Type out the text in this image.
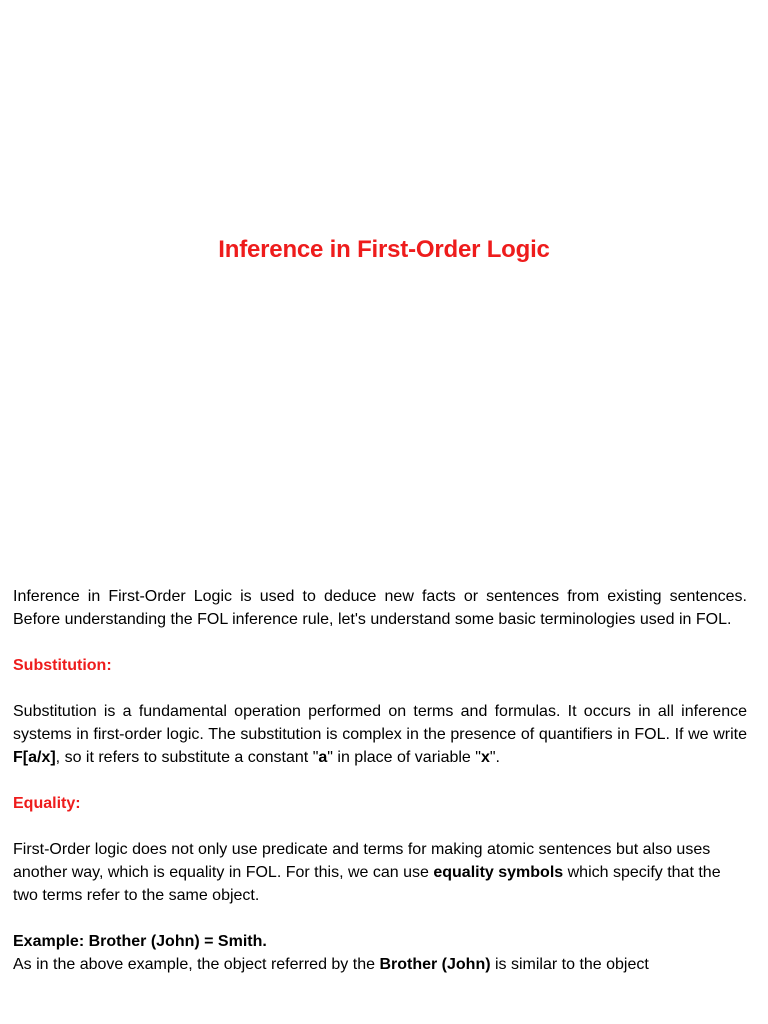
Inference in First-Order Logic

Inference in First-Order Logic is used to deduce new facts or sentences from existing sentences. Before understanding the FOL inference rule, let's understand some basic terminologies used in FOL.

Substitution:

Substitution is a fundamental operation performed on terms and formulas. It occurs in all inference systems in first-order logic. The substitution is complex in the presence of quantifiers in FOL. If we write F[a/x], so it refers to substitute a constant "a" in place of variable "x".

Equality:

First-Order logic does not only use predicate and terms for making atomic sentences but also uses another way, which is equality in FOL. For this, we can use equality symbols which specify that the two terms refer to the same object.

Example: Brother (John) = Smith.

As in the above example, the object referred by the Brother (John) is similar to the object
